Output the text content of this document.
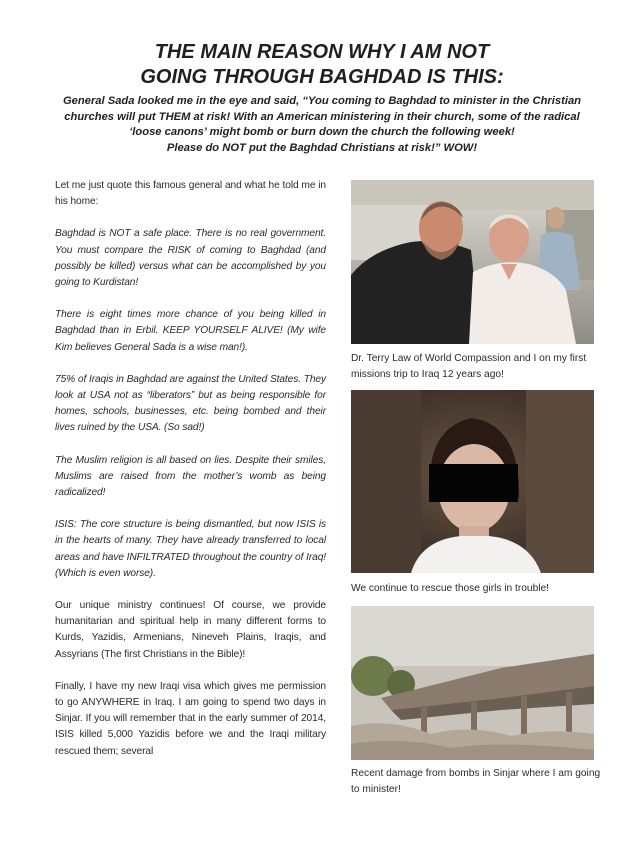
THE MAIN REASON WHY I AM NOT
GOING THROUGH BAGHDAD IS THIS:

General Sada looked me in the eye and said, “You coming to Baghdad to minister in the Christian
churches will put THEM at risk! With an American ministering in their church, some of the radical
‘loose canons’ might bomb or burn down the church the following week!
Please do NOT put the Baghdad Christians at risk!” WOW!

Let me just quote this famous general and what he told me in his home:

Baghdad is NOT a safe place. There is no real government. You must compare the RISK of coming to Baghdad (and possibly be killed) versus what can be accomplished by you going to Kurdistan!

There is eight times more chance of you being killed in Baghdad than in Erbil. KEEP YOURSELF ALIVE! (My wife Kim believes General Sada is a wise man!).

75% of Iraqis in Baghdad are against the United States. They look at USA not as “liberators” but as being responsible for homes, schools, businesses, etc. being bombed and their lives ruined by the USA. (So sad!)

The Muslim religion is all based on lies. Despite their smiles, Muslims are raised from the mother’s womb as being radicalized!

ISIS: The core structure is being dismantled, but now ISIS is in the hearts of many. They have already transferred to local areas and have INFILTRATED throughout the country of Iraq! (Which is even worse).

Our unique ministry continues! Of course, we provide humanitarian and spiritual help in many different forms to Kurds, Yazidis, Armenians, Nineveh Plains, Iraqis, and Assyrians (The first Christians in the Bible)!

Finally, I have my new Iraqi visa which gives me permission to go ANYWHERE in Iraq. I am going to spend two days in Sinjar. If you will remember that in the early summer of 2014, ISIS killed 5,000 Yazidis before we and the Iraqi military rescued them; several

Dr. Terry Law of World Compassion and I on my first missions trip to Iraq 12 years ago!

We continue to rescue those girls in trouble!

Recent damage from bombs in Sinjar where I am going to minister!
